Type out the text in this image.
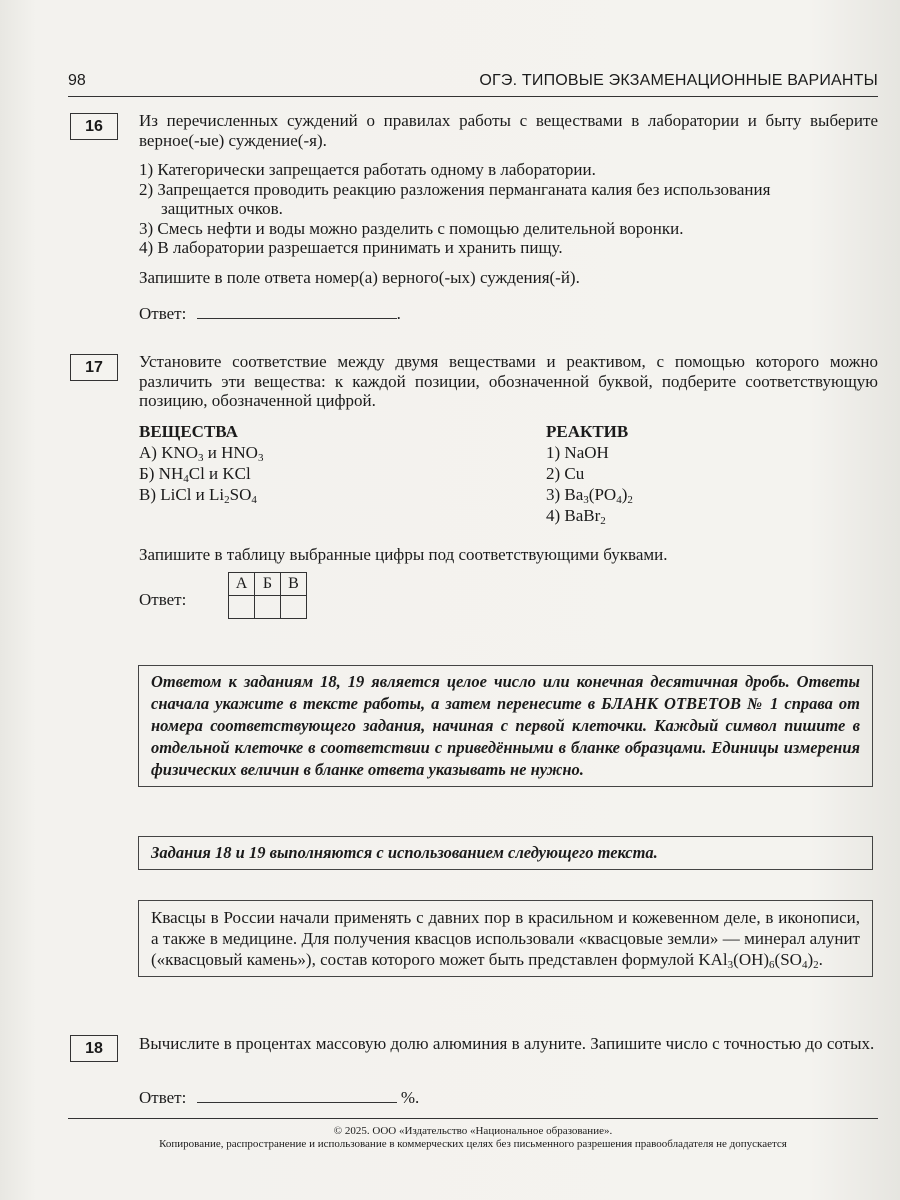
98	ОГЭ. ТИПОВЫЕ ЭКЗАМЕНАЦИОННЫЕ ВАРИАНТЫ
16	Из перечисленных суждений о правилах работы с веществами в лаборатории и быту выберите верное(-ые) суждение(-я).
1) Категорически запрещается работать одному в лаборатории.
2) Запрещается проводить реакцию разложения перманганата калия без использования
защитных очков.
3) Смесь нефти и воды можно разделить с помощью делительной воронки.
4) В лаборатории разрешается принимать и хранить пищу.
Запишите в поле ответа номер(а) верного(-ых) суждения(-й).
Ответ:	.
17	Установите соответствие между двумя веществами и реактивом, с помощью которого можно различить эти вещества: к каждой позиции, обозначенной буквой, подберите соответствующую позицию, обозначенной цифрой.
ВЕЩЕСТВА
А) $KNO_3$ и $HNO_3$
Б) $NH_4Cl$ и KCl
В) LiCl и $Li_2SO_4$
РЕАКТИВ
1) NaOH
2) Cu
3) $Ba_3(PO_4)_2$
4) BaBr$_2$
Запишите в таблицу выбранные цифры под соответствующими буквами.
Ответ:
А	Б	В

Ответом к заданиям 18, 19 является целое число или конечная десятичная дробь. Ответы сначала укажите в тексте работы, а затем перенесите в БЛАНК ОТВЕТОВ № 1 справа от номера соответствующего задания, начиная с первой клеточки. Каждый символ пишите в отдельной клеточке в соответствии с приведёнными в бланке образцами. Единицы измерения физических величин в бланке ответа указывать не нужно.
Задания 18 и 19 выполняются с использованием следующего текста.
Квасцы в России начали применять с давних пор в красильном и кожевенном деле, в иконописи, а также в медицине. Для получения квасцов использовали «квасцовые земли» — минерал алунит («квасцовый камень»), состав которого может быть представлен формулой $KAl_3(OH)_6(SO_4)_2$.
18	Вычислите в процентах массовую долю алюминия в алуните. Запишите число с точностью до сотых.
Ответ:	%.
© 2025. ООО «Издательство «Национальное образование».
Копирование, распространение и использование в коммерческих целях без письменного разрешения правообладателя не допускается
